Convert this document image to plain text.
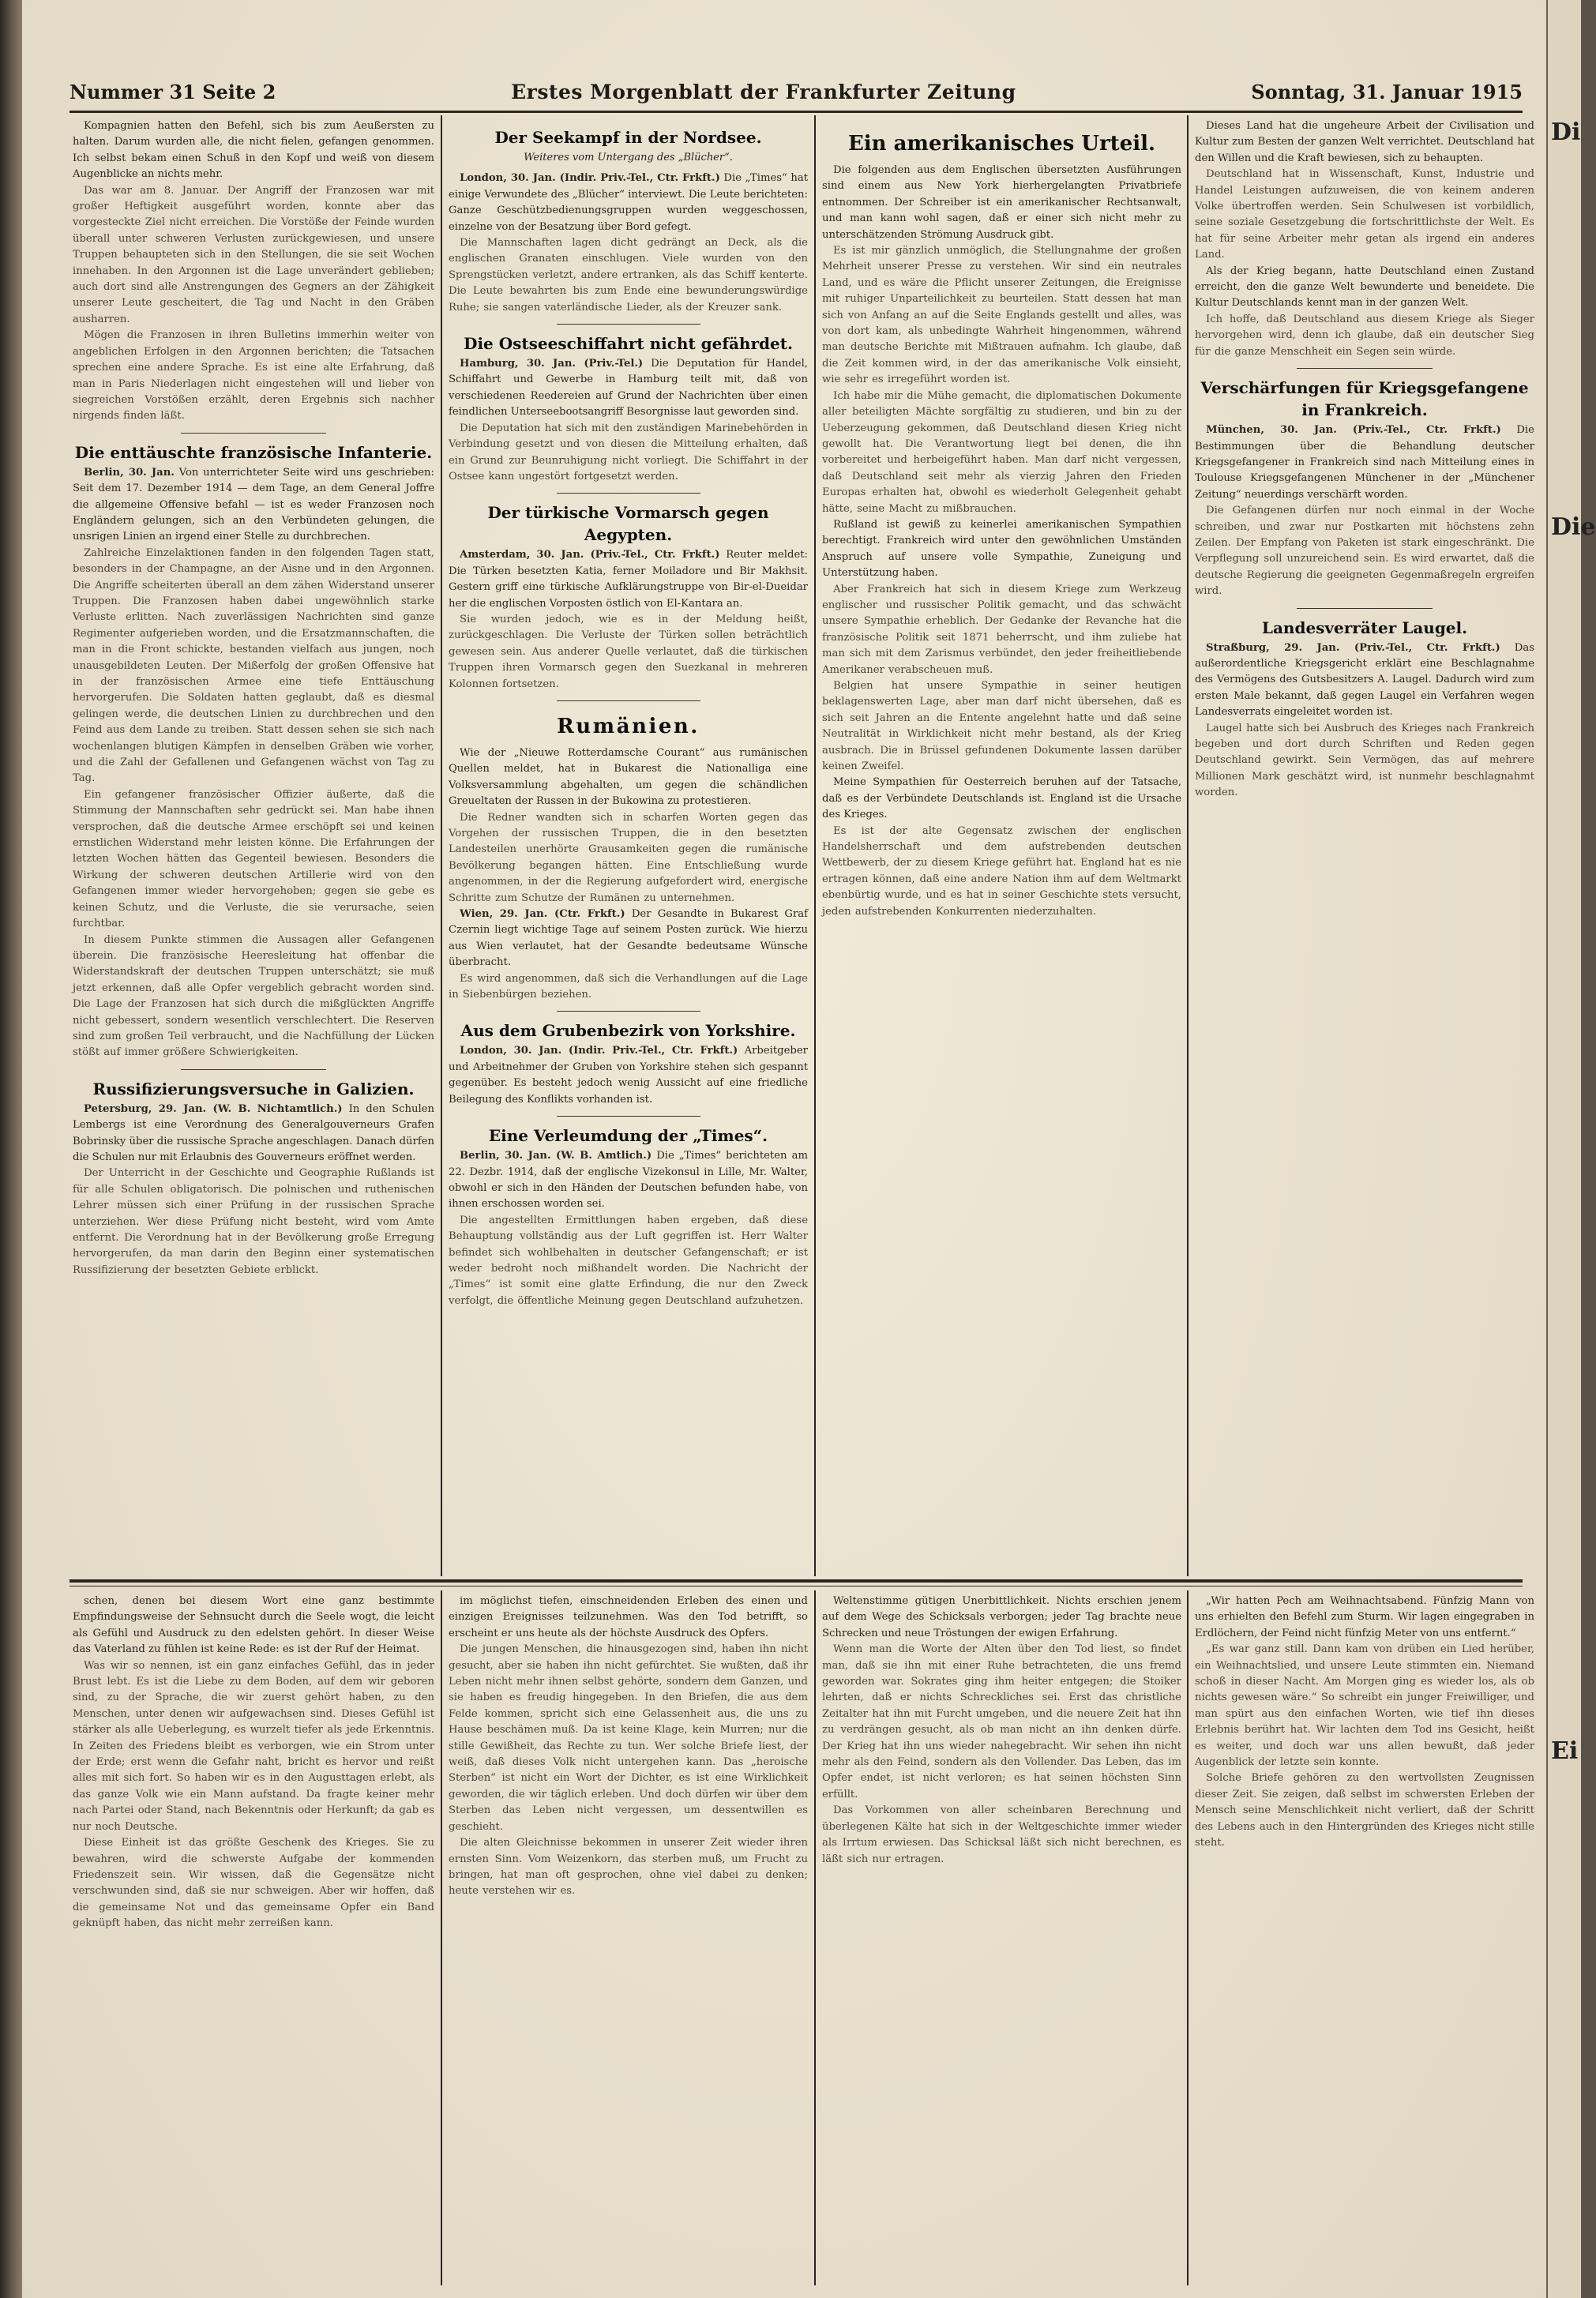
Nummer 31 Seite 2	Erstes Morgenblatt der Frankfurter Zeitung	Sonntag, 31. Januar 1915

Kompagnien hatten den Befehl, sich bis zum Aeußersten zu halten. Darum wurden alle, die nicht fielen, gefangen genommen. Ich selbst bekam einen Schuß in den Kopf und weiß von diesem Augenblicke an nichts mehr.

Das war am 8. Januar. Der Angriff der Franzosen war mit großer Heftigkeit ausgeführt worden, konnte aber das vorgesteckte Ziel nicht erreichen. Die Vorstöße der Feinde wurden überall unter schweren Verlusten zurückgewiesen, und unsere Truppen behaupteten sich in den Stellungen, die sie seit Wochen innehaben. In den Argonnen ist die Lage unverändert geblieben; auch dort sind alle Anstrengungen des Gegners an der Zähigkeit unserer Leute gescheitert, die Tag und Nacht in den Gräben ausharren.

Mögen die Franzosen in ihren Bulletins immerhin weiter von angeblichen Erfolgen in den Argonnen berichten; die Tatsachen sprechen eine andere Sprache. Es ist eine alte Erfahrung, daß man in Paris Niederlagen nicht eingestehen will und lieber von siegreichen Vorstößen erzählt, deren Ergebnis sich nachher nirgends finden läßt.

Die enttäuschte französische Infanterie.

Berlin, 30. Jan. Von unterrichteter Seite wird uns geschrieben: Seit dem 17. Dezember 1914 — dem Tage, an dem General Joffre die allgemeine Offensive befahl — ist es weder Franzosen noch Engländern gelungen, sich an den Verbündeten gelungen, die unsrigen Linien an irgend einer Stelle zu durchbrechen.

Zahlreiche Einzelaktionen fanden in den folgenden Tagen statt, besonders in der Champagne, an der Aisne und in den Argonnen. Die Angriffe scheiterten überall an dem zähen Widerstand unserer Truppen. Die Franzosen haben dabei ungewöhnlich starke Verluste erlitten. Nach zuverlässigen Nachrichten sind ganze Regimenter aufgerieben worden, und die Ersatzmannschaften, die man in die Front schickte, bestanden vielfach aus jungen, noch unausgebildeten Leuten. Der Mißerfolg der großen Offensive hat in der französischen Armee eine tiefe Enttäuschung hervorgerufen. Die Soldaten hatten geglaubt, daß es diesmal gelingen werde, die deutschen Linien zu durchbrechen und den Feind aus dem Lande zu treiben. Statt dessen sehen sie sich nach wochenlangen blutigen Kämpfen in denselben Gräben wie vorher, und die Zahl der Gefallenen und Gefangenen wächst von Tag zu Tag.

Ein gefangener französischer Offizier äußerte, daß die Stimmung der Mannschaften sehr gedrückt sei. Man habe ihnen versprochen, daß die deutsche Armee erschöpft sei und keinen ernstlichen Widerstand mehr leisten könne. Die Erfahrungen der letzten Wochen hätten das Gegenteil bewiesen. Besonders die Wirkung der schweren deutschen Artillerie wird von den Gefangenen immer wieder hervorgehoben; gegen sie gebe es keinen Schutz, und die Verluste, die sie verursache, seien furchtbar.

In diesem Punkte stimmen die Aussagen aller Gefangenen überein. Die französische Heeresleitung hat offenbar die Widerstandskraft der deutschen Truppen unterschätzt; sie muß jetzt erkennen, daß alle Opfer vergeblich gebracht worden sind. Die Lage der Franzosen hat sich durch die mißglückten Angriffe nicht gebessert, sondern wesentlich verschlechtert. Die Reserven sind zum großen Teil verbraucht, und die Nachfüllung der Lücken stößt auf immer größere Schwierigkeiten.

Russifizierungsversuche in Galizien.

Petersburg, 29. Jan. (W. B. Nichtamtlich.) In den Schulen Lembergs ist eine Verordnung des Generalgouverneurs Grafen Bobrinsky über die russische Sprache angeschlagen. Danach dürfen die Schulen nur mit Erlaubnis des Gouverneurs eröffnet werden.

Der Unterricht in der Geschichte und Geographie Rußlands ist für alle Schulen obligatorisch. Die polnischen und ruthenischen Lehrer müssen sich einer Prüfung in der russischen Sprache unterziehen. Wer diese Prüfung nicht besteht, wird vom Amte entfernt. Die Verordnung hat in der Bevölkerung große Erregung hervorgerufen, da man darin den Beginn einer systematischen Russifizierung der besetzten Gebiete erblickt.

Der Seekampf in der Nordsee.
Weiteres vom Untergang des „Blücher“.

London, 30. Jan. (Indir. Priv.-Tel., Ctr. Frkft.) Die „Times“ hat einige Verwundete des „Blücher“ interviewt. Die Leute berichteten: Ganze Geschützbedienungsgruppen wurden weggeschossen, einzelne von der Besatzung über Bord gefegt.

Die Mannschaften lagen dicht gedrängt an Deck, als die englischen Granaten einschlugen. Viele wurden von den Sprengstücken verletzt, andere ertranken, als das Schiff kenterte. Die Leute bewahrten bis zum Ende eine bewunderungswürdige Ruhe; sie sangen vaterländische Lieder, als der Kreuzer sank.

Die Ostseeschiffahrt nicht gefährdet.

Hamburg, 30. Jan. (Priv.-Tel.) Die Deputation für Handel, Schiffahrt und Gewerbe in Hamburg teilt mit, daß von verschiedenen Reedereien auf Grund der Nachrichten über einen feindlichen Unterseebootsangriff Besorgnisse laut geworden sind.

Die Deputation hat sich mit den zuständigen Marinebehörden in Verbindung gesetzt und von diesen die Mitteilung erhalten, daß ein Grund zur Beunruhigung nicht vorliegt. Die Schiffahrt in der Ostsee kann ungestört fortgesetzt werden.

Der türkische Vormarsch gegen Aegypten.

Amsterdam, 30. Jan. (Priv.-Tel., Ctr. Frkft.) Reuter meldet: Die Türken besetzten Katia, ferner Moiladore und Bir Makhsit. Gestern griff eine türkische Aufklärungstruppe von Bir-el-Dueidar her die englischen Vorposten östlich von El-Kantara an.

Sie wurden jedoch, wie es in der Meldung heißt, zurückgeschlagen. Die Verluste der Türken sollen beträchtlich gewesen sein. Aus anderer Quelle verlautet, daß die türkischen Truppen ihren Vormarsch gegen den Suezkanal in mehreren Kolonnen fortsetzen.

Rumänien.

Wie der „Nieuwe Rotterdamsche Courant“ aus rumänischen Quellen meldet, hat in Bukarest die Nationalliga eine Volksversammlung abgehalten, um gegen die schändlichen Greueltaten der Russen in der Bukowina zu protestieren.

Die Redner wandten sich in scharfen Worten gegen das Vorgehen der russischen Truppen, die in den besetzten Landesteilen unerhörte Grausamkeiten gegen die rumänische Bevölkerung begangen hätten. Eine Entschließung wurde angenommen, in der die Regierung aufgefordert wird, energische Schritte zum Schutze der Rumänen zu unternehmen.

Wien, 29. Jan. (Ctr. Frkft.) Der Gesandte in Bukarest Graf Czernin liegt wichtige Tage auf seinem Posten zurück. Wie hierzu aus Wien verlautet, hat der Gesandte bedeutsame Wünsche überbracht.

Es wird angenommen, daß sich die Verhandlungen auf die Lage in Siebenbürgen beziehen.

Aus dem Grubenbezirk von Yorkshire.

London, 30. Jan. (Indir. Priv.-Tel., Ctr. Frkft.) Arbeitgeber und Arbeitnehmer der Gruben von Yorkshire stehen sich gespannt gegenüber. Es besteht jedoch wenig Aussicht auf eine friedliche Beilegung des Konflikts vorhanden ist.

Eine Verleumdung der „Times“.

Berlin, 30. Jan. (W. B. Amtlich.) Die „Times“ berichteten am 22. Dezbr. 1914, daß der englische Vizekonsul in Lille, Mr. Walter, obwohl er sich in den Händen der Deutschen befunden habe, von ihnen erschossen worden sei.

Die angestellten Ermittlungen haben ergeben, daß diese Behauptung vollständig aus der Luft gegriffen ist. Herr Walter befindet sich wohlbehalten in deutscher Gefangenschaft; er ist weder bedroht noch mißhandelt worden. Die Nachricht der „Times“ ist somit eine glatte Erfindung, die nur den Zweck verfolgt, die öffentliche Meinung gegen Deutschland aufzuhetzen.

Ein amerikanisches Urteil.

Die folgenden aus dem Englischen übersetzten Ausführungen sind einem aus New York hierhergelangten Privatbriefe entnommen. Der Schreiber ist ein amerikanischer Rechtsanwalt, und man kann wohl sagen, daß er einer sich nicht mehr zu unterschätzenden Strömung Ausdruck gibt.

Es ist mir gänzlich unmöglich, die Stellungnahme der großen Mehrheit unserer Presse zu verstehen. Wir sind ein neutrales Land, und es wäre die Pflicht unserer Zeitungen, die Ereignisse mit ruhiger Unparteilichkeit zu beurteilen. Statt dessen hat man sich von Anfang an auf die Seite Englands gestellt und alles, was von dort kam, als unbedingte Wahrheit hingenommen, während man deutsche Berichte mit Mißtrauen aufnahm. Ich glaube, daß die Zeit kommen wird, in der das amerikanische Volk einsieht, wie sehr es irregeführt worden ist.

Ich habe mir die Mühe gemacht, die diplomatischen Dokumente aller beteiligten Mächte sorgfältig zu studieren, und bin zu der Ueberzeugung gekommen, daß Deutschland diesen Krieg nicht gewollt hat. Die Verantwortung liegt bei denen, die ihn vorbereitet und herbeigeführt haben. Man darf nicht vergessen, daß Deutschland seit mehr als vierzig Jahren den Frieden Europas erhalten hat, obwohl es wiederholt Gelegenheit gehabt hätte, seine Macht zu mißbrauchen.

Rußland ist gewiß zu keinerlei amerikanischen Sympathien berechtigt. Frankreich wird unter den gewöhnlichen Umständen Anspruch auf unsere volle Sympathie, Zuneigung und Unterstützung haben.

Aber Frankreich hat sich in diesem Kriege zum Werkzeug englischer und russischer Politik gemacht, und das schwächt unsere Sympathie erheblich. Der Gedanke der Revanche hat die französische Politik seit 1871 beherrscht, und ihm zuliebe hat man sich mit dem Zarismus verbündet, den jeder freiheitliebende Amerikaner verabscheuen muß.

Belgien hat unsere Sympathie in seiner heutigen beklagenswerten Lage, aber man darf nicht übersehen, daß es sich seit Jahren an die Entente angelehnt hatte und daß seine Neutralität in Wirklichkeit nicht mehr bestand, als der Krieg ausbrach. Die in Brüssel gefundenen Dokumente lassen darüber keinen Zweifel.

Meine Sympathien für Oesterreich beruhen auf der Tatsache, daß es der Verbündete Deutschlands ist. England ist die Ursache des Krieges.

Es ist der alte Gegensatz zwischen der englischen Handelsherrschaft und dem aufstrebenden deutschen Wettbewerb, der zu diesem Kriege geführt hat. England hat es nie ertragen können, daß eine andere Nation ihm auf dem Weltmarkt ebenbürtig wurde, und es hat in seiner Geschichte stets versucht, jeden aufstrebenden Konkurrenten niederzuhalten.

Dieses Land hat die ungeheure Arbeit der Civilisation und Kultur zum Besten der ganzen Welt verrichtet. Deutschland hat den Willen und die Kraft bewiesen, sich zu behaupten.

Deutschland hat in Wissenschaft, Kunst, Industrie und Handel Leistungen aufzuweisen, die von keinem anderen Volke übertroffen werden. Sein Schulwesen ist vorbildlich, seine soziale Gesetzgebung die fortschrittlichste der Welt. Es hat für seine Arbeiter mehr getan als irgend ein anderes Land.

Als der Krieg begann, hatte Deutschland einen Zustand erreicht, den die ganze Welt bewunderte und beneidete. Die Kultur Deutschlands kennt man in der ganzen Welt.

Ich hoffe, daß Deutschland aus diesem Kriege als Sieger hervorgehen wird, denn ich glaube, daß ein deutscher Sieg für die ganze Menschheit ein Segen sein würde.

Verschärfungen für Kriegsgefangene in Frankreich.

München, 30. Jan. (Priv.-Tel., Ctr. Frkft.) Die Bestimmungen über die Behandlung deutscher Kriegsgefangener in Frankreich sind nach Mitteilung eines in Toulouse Kriegsgefangenen Münchener in der „Münchener Zeitung“ neuerdings verschärft worden.

Die Gefangenen dürfen nur noch einmal in der Woche schreiben, und zwar nur Postkarten mit höchstens zehn Zeilen. Der Empfang von Paketen ist stark eingeschränkt. Die Verpflegung soll unzureichend sein. Es wird erwartet, daß die deutsche Regierung die geeigneten Gegenmaßregeln ergreifen wird.

Landesverräter Laugel.

Straßburg, 29. Jan. (Priv.-Tel., Ctr. Frkft.) Das außerordentliche Kriegsgericht erklärt eine Beschlagnahme des Vermögens des Gutsbesitzers A. Laugel. Dadurch wird zum ersten Male bekannt, daß gegen Laugel ein Verfahren wegen Landesverrats eingeleitet worden ist.

Laugel hatte sich bei Ausbruch des Krieges nach Frankreich begeben und dort durch Schriften und Reden gegen Deutschland gewirkt. Sein Vermögen, das auf mehrere Millionen Mark geschätzt wird, ist nunmehr beschlagnahmt worden.

schen, denen bei diesem Wort eine ganz bestimmte Empfindungsweise der Sehnsucht durch die Seele wogt, die leicht als Gefühl und Ausdruck zu den edelsten gehört. In dieser Weise das Vaterland zu fühlen ist keine Rede: es ist der Ruf der Heimat.

Was wir so nennen, ist ein ganz einfaches Gefühl, das in jeder Brust lebt. Es ist die Liebe zu dem Boden, auf dem wir geboren sind, zu der Sprache, die wir zuerst gehört haben, zu den Menschen, unter denen wir aufgewachsen sind. Dieses Gefühl ist stärker als alle Ueberlegung, es wurzelt tiefer als jede Erkenntnis. In Zeiten des Friedens bleibt es verborgen, wie ein Strom unter der Erde; erst wenn die Gefahr naht, bricht es hervor und reißt alles mit sich fort. So haben wir es in den Augusttagen erlebt, als das ganze Volk wie ein Mann aufstand. Da fragte keiner mehr nach Partei oder Stand, nach Bekenntnis oder Herkunft; da gab es nur noch Deutsche.

Diese Einheit ist das größte Geschenk des Krieges. Sie zu bewahren, wird die schwerste Aufgabe der kommenden Friedenszeit sein. Wir wissen, daß die Gegensätze nicht verschwunden sind, daß sie nur schweigen. Aber wir hoffen, daß die gemeinsame Not und das gemeinsame Opfer ein Band geknüpft haben, das nicht mehr zerreißen kann.

im möglichst tiefen, einschneidenden Erleben des einen und einzigen Ereignisses teilzunehmen. Was den Tod betrifft, so erscheint er uns heute als der höchste Ausdruck des Opfers.

Die jungen Menschen, die hinausgezogen sind, haben ihn nicht gesucht, aber sie haben ihn nicht gefürchtet. Sie wußten, daß ihr Leben nicht mehr ihnen selbst gehörte, sondern dem Ganzen, und sie haben es freudig hingegeben. In den Briefen, die aus dem Felde kommen, spricht sich eine Gelassenheit aus, die uns zu Hause beschämen muß. Da ist keine Klage, kein Murren; nur die stille Gewißheit, das Rechte zu tun. Wer solche Briefe liest, der weiß, daß dieses Volk nicht untergehen kann. Das „heroische Sterben“ ist nicht ein Wort der Dichter, es ist eine Wirklichkeit geworden, die wir täglich erleben. Und doch dürfen wir über dem Sterben das Leben nicht vergessen, um dessentwillen es geschieht.

Die alten Gleichnisse bekommen in unserer Zeit wieder ihren ernsten Sinn. Vom Weizenkorn, das sterben muß, um Frucht zu bringen, hat man oft gesprochen, ohne viel dabei zu denken; heute verstehen wir es.

Weltenstimme gütigen Unerbittlichkeit. Nichts erschien jenem auf dem Wege des Schicksals verborgen; jeder Tag brachte neue Schrecken und neue Tröstungen der ewigen Erfahrung.

Wenn man die Worte der Alten über den Tod liest, so findet man, daß sie ihn mit einer Ruhe betrachteten, die uns fremd geworden war. Sokrates ging ihm heiter entgegen; die Stoiker lehrten, daß er nichts Schreckliches sei. Erst das christliche Zeitalter hat ihn mit Furcht umgeben, und die neuere Zeit hat ihn zu verdrängen gesucht, als ob man nicht an ihn denken dürfe. Der Krieg hat ihn uns wieder nahegebracht. Wir sehen ihn nicht mehr als den Feind, sondern als den Vollender. Das Leben, das im Opfer endet, ist nicht verloren; es hat seinen höchsten Sinn erfüllt.

Das Vorkommen von aller scheinbaren Berechnung und überlegenen Kälte hat sich in der Weltgeschichte immer wieder als Irrtum erwiesen. Das Schicksal läßt sich nicht berechnen, es läßt sich nur ertragen.

„Wir hatten Pech am Weihnachtsabend. Fünfzig Mann von uns erhielten den Befehl zum Sturm. Wir lagen eingegraben in Erdlöchern, der Feind nicht fünfzig Meter von uns entfernt.“

„Es war ganz still. Dann kam von drüben ein Lied herüber, ein Weihnachtslied, und unsere Leute stimmten ein. Niemand schoß in dieser Nacht. Am Morgen ging es wieder los, als ob nichts gewesen wäre.“ So schreibt ein junger Freiwilliger, und man spürt aus den einfachen Worten, wie tief ihn dieses Erlebnis berührt hat. Wir lachten dem Tod ins Gesicht, heißt es weiter, und doch war uns allen bewußt, daß jeder Augenblick der letzte sein konnte.

Solche Briefe gehören zu den wertvollsten Zeugnissen dieser Zeit. Sie zeigen, daß selbst im schwersten Erleben der Mensch seine Menschlichkeit nicht verliert, daß der Schritt des Lebens auch in den Hintergründen des Krieges nicht stille steht.

Di
Die
Ei
